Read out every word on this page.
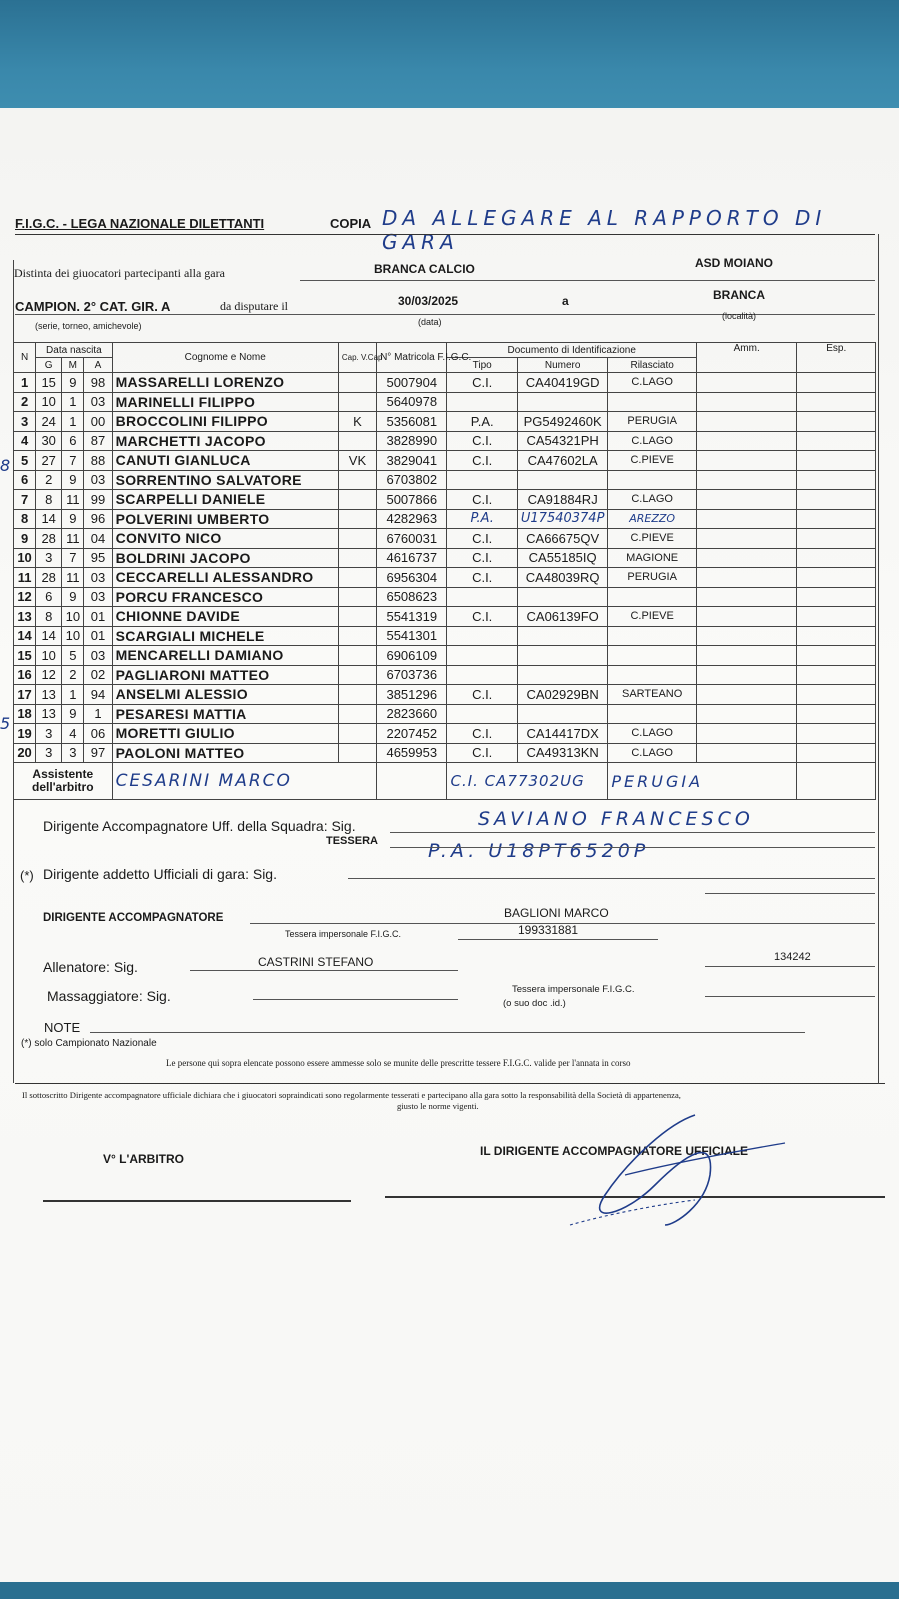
F.I.G.C. - LEGA NAZIONALE DILETTANTI	COPIA DA ALLEGARE AL RAPPORTO DI GARA
Distinta dei giuocatori partecipanti alla gara	BRANCA CALCIO	ASD MOIANO
CAMPION. 2° CAT. GIR. A	da disputare il	30/03/2025	a	BRANCA
(serie, torneo, amichevole)	(data)
(località)
N	Data nascita			Cognome e Nome	Cap. V.Cap	N° Matricola F.I.G.C.	Documento di Identificazione			Amm.	Esp.
	G	M	A				Tipo	Numero	Rilasciato		
1	15	9	98	MASSARELLI LORENZO		5007904	C.I.	CA40419GD	C.LAGO		
2	10	1	03	MARINELLI FILIPPO		5640978					
3	24	1	00	BROCCOLINI FILIPPO	K	5356081	P.A.	PG5492460K	PERUGIA		
4	30	6	87	MARCHETTI JACOPO		3828990	C.I.	CA54321PH	C.LAGO		
5	27	7	88	CANUTI GIANLUCA	VK	3829041	C.I.	CA47602LA	C.PIEVE		
6	2	9	03	SORRENTINO SALVATORE		6703802					
7	8	11	99	SCARPELLI DANIELE		5007866	C.I.	CA91884RJ	C.LAGO		
8	14	9	96	POLVERINI UMBERTO		4282963	P.A.	U17540374P	AREZZO		
9	28	11	04	CONVITO NICO		6760031	C.I.	CA66675QV	C.PIEVE		
10	3	7	95	BOLDRINI JACOPO		4616737	C.I.	CA55185IQ	MAGIONE		
11	28	11	03	CECCARELLI ALESSANDRO		6956304	C.I.	CA48039RQ	PERUGIA		
12	6	9	03	PORCU FRANCESCO		6508623					
13	8	10	01	CHIONNE DAVIDE		5541319	C.I.	CA06139FO	C.PIEVE		
14	14	10	01	SCARGIALI MICHELE		5541301					
15	10	5	03	MENCARELLI DAMIANO		6906109					
16	12	2	02	PAGLIARONI MATTEO		6703736					
17	13	1	94	ANSELMI ALESSIO		3851296	C.I.	CA02929BN	SARTEANO		
18	13	9	1	PESARESI MATTIA		2823660					
19	3	4	06	MORETTI GIULIO		2207452	C.I.	CA14417DX	C.LAGO		
20	3	3	97	PAOLONI MATTEO		4659953	C.I.	CA49313KN	C.LAGO		
Assistente dell'arbitro				CESARINI MARCO			C.I. CA77302UG		PERUGIA		
8
5
Dirigente Accompagnatore Uff. della Squadra: Sig.	SAVIANO FRANCESCO
TESSERA	P.A. U18PT6520P
(*) Dirigente addetto Ufficiali di gara: Sig.
DIRIGENTE ACCOMPAGNATORE	BAGLIONI MARCO
Tessera impersonale F.I.G.C.	199331881
Allenatore: Sig.	CASTRINI STEFANO	134242
Massaggiatore: Sig.	Tessera impersonale F.I.G.C.
(o suo doc .id.)
NOTE
(*) solo Campionato Nazionale
Le persone qui sopra elencate possono essere ammesse solo se munite delle prescritte tessere F.I.G.C. valide per l'annata in corso
Il sottoscritto Dirigente accompagnatore ufficiale dichiara che i giuocatori sopraindicati sono regolarmente tesserati e partecipano alla gara sotto la responsabilità della Società di appartenenza,
giusto le norme vigenti.
V° L'ARBITRO
IL DIRIGENTE ACCOMPAGNATORE UFFICIALE
